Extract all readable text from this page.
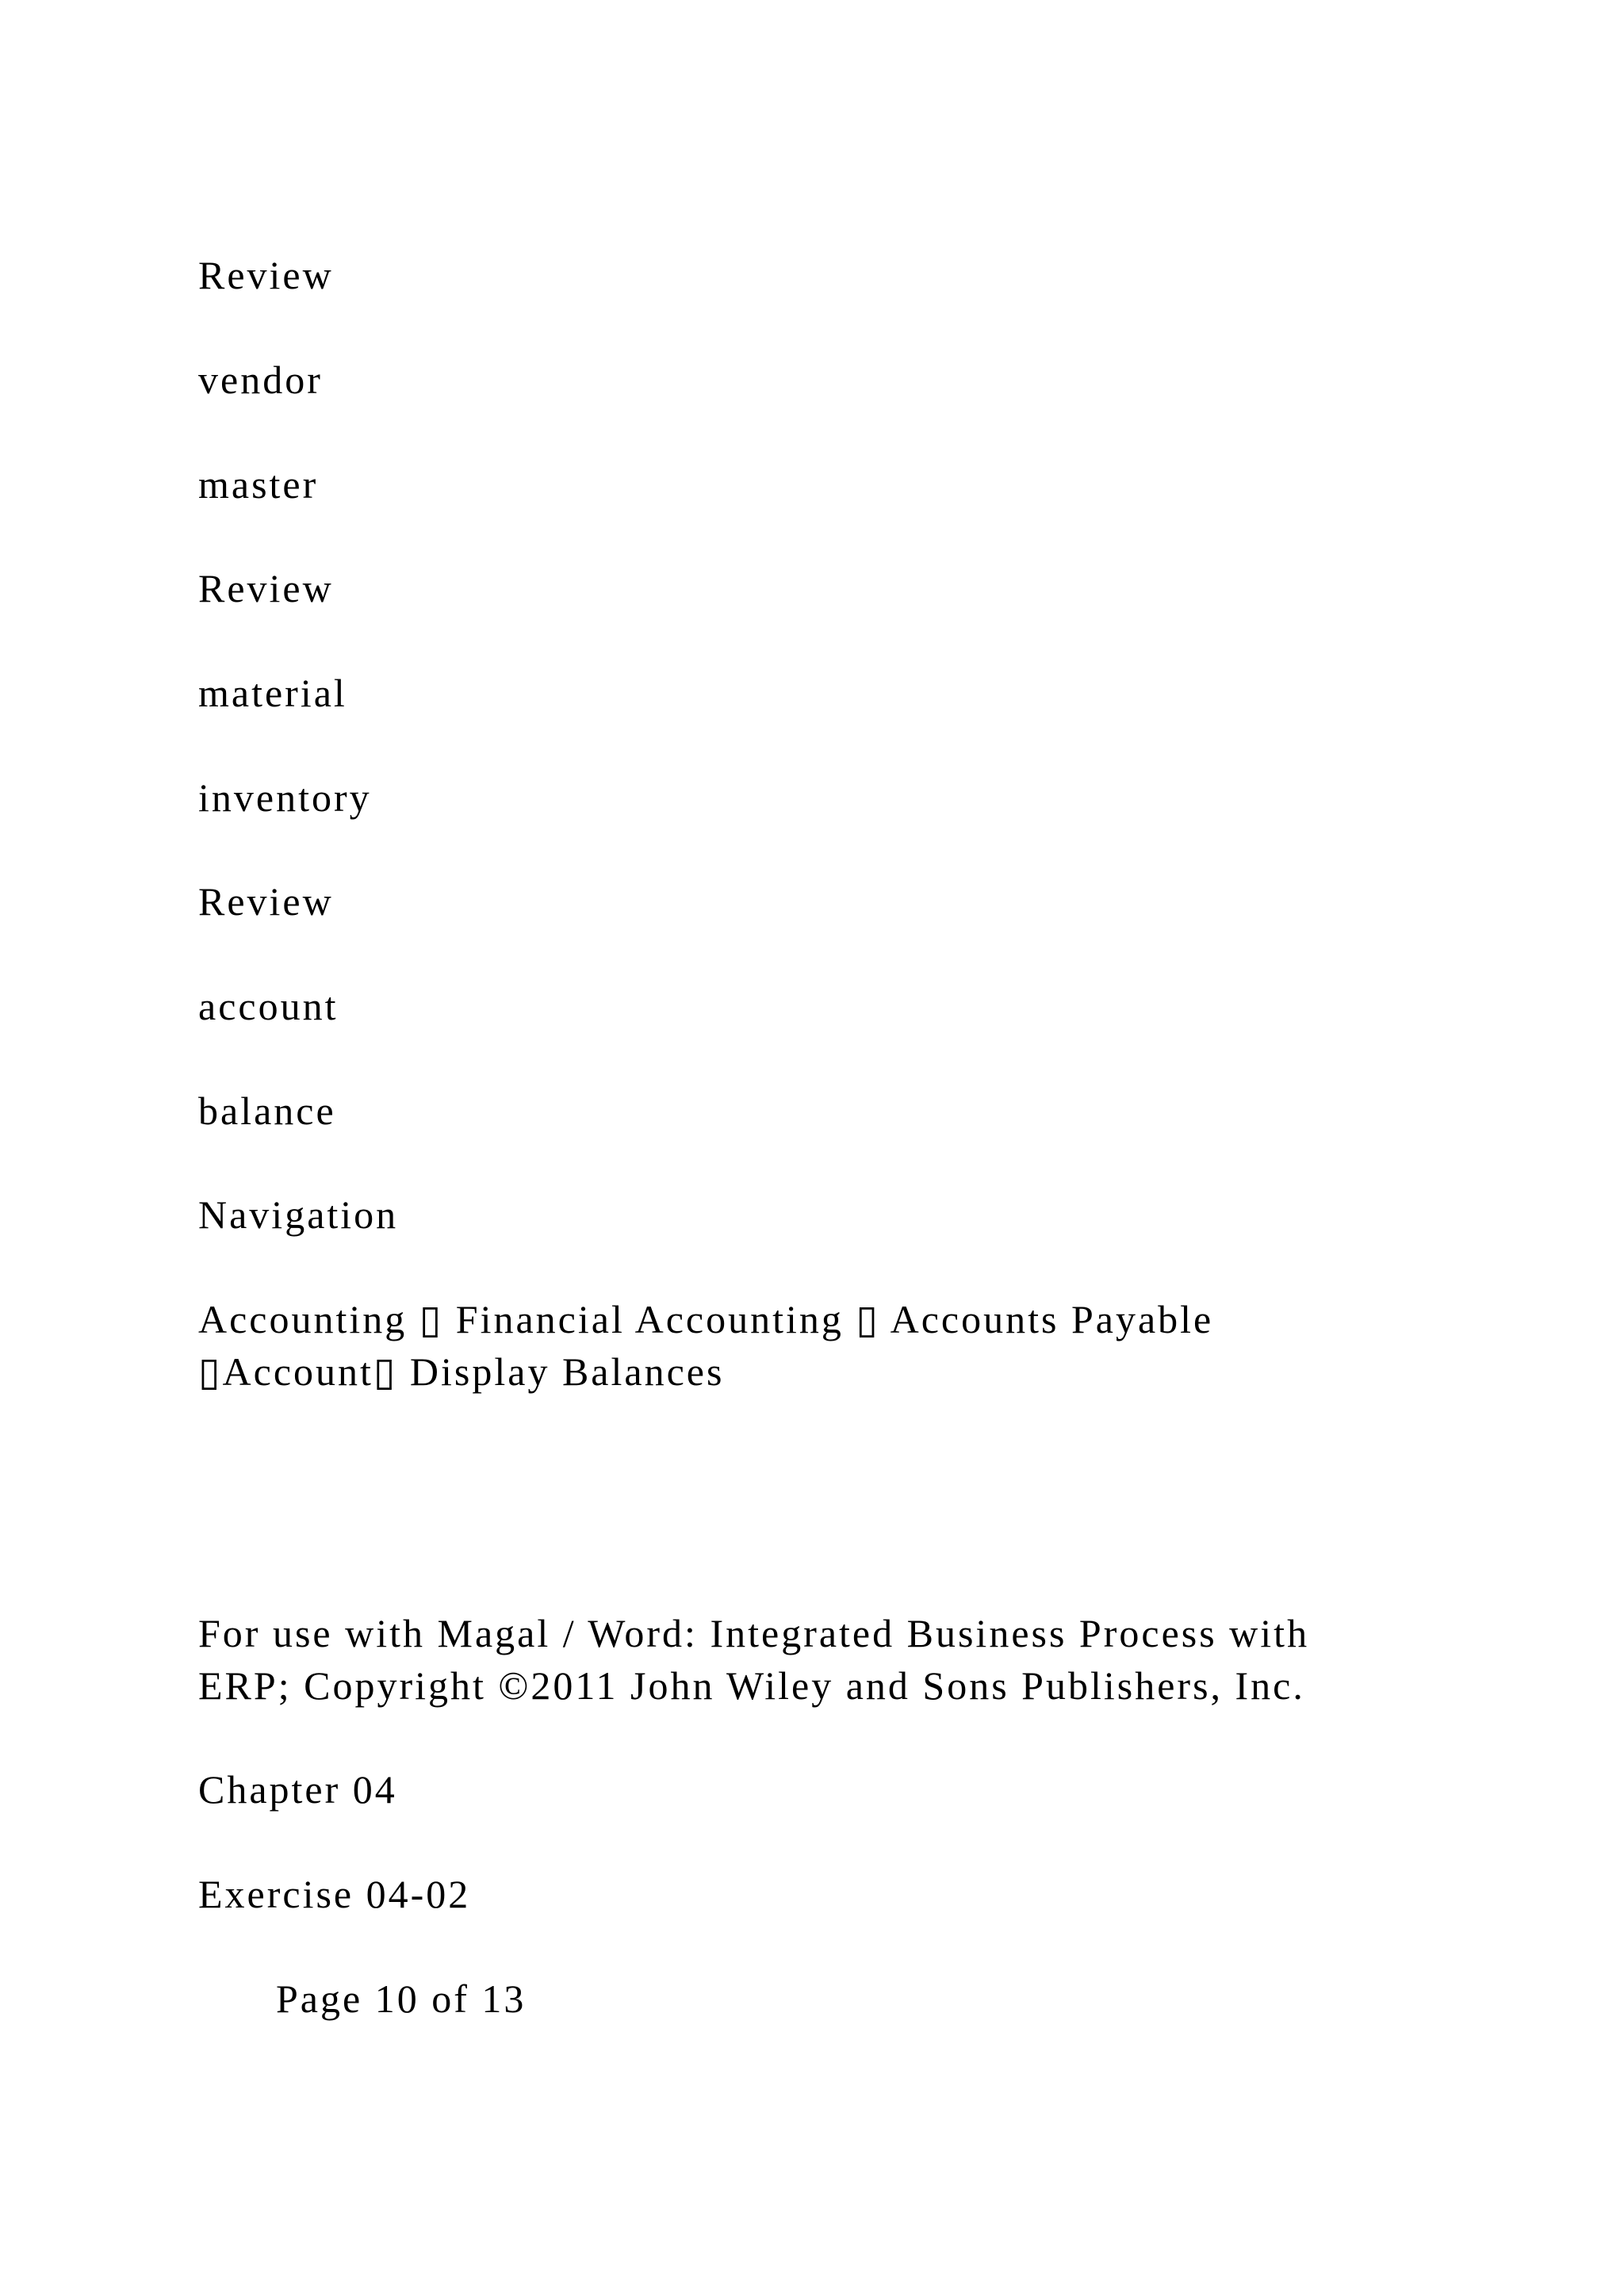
Review

vendor

master

Review

material

inventory

Review

account

balance

Navigation

Accounting ▯ Financial Accounting ▯ Accounts Payable

▯Account▯ Display Balances

For use with Magal / Word: Integrated Business Process with

ERP; Copyright ©2011 John Wiley and Sons Publishers, Inc.

Chapter 04

Exercise 04-02

Page 10 of 13
